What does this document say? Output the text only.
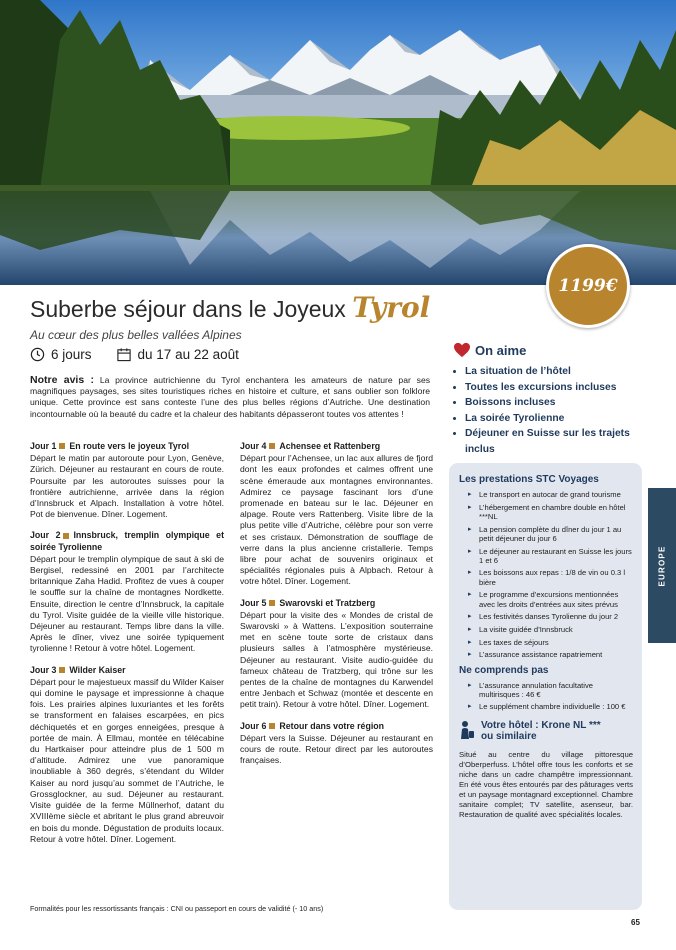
1199€
Suberbe séjour dans le Joyeux Tyrol
Au cœur des plus belles vallées Alpines
6 jours	du 17 au 22 août
Notre avis : La province autrichienne du Tyrol enchantera les amateurs de nature par ses magnifiques paysages, ses sites touristiques riches en histoire et culture, et sans oublier son folklore unique. Cette province est sans conteste l’une des plus belles régions d’Autriche. Une destination incontournable où la beauté du cadre et la chaleur des habitants dépasseront toutes vos attentes !
Jour 1 En route vers le joyeux Tyrol
Départ le matin par autoroute pour Lyon, Genève, Zürich. Déjeuner au restaurant en cours de route. Poursuite par les autoroutes suisses pour la frontière autrichienne, arrivée dans la région d’Innsbruck et Alpach. Installation à votre hôtel. Pot de bienvenue. Dîner. Logement.
Jour 2 Innsbruck, tremplin olympique et soirée Tyrolienne
Départ pour le tremplin olympique de saut à ski de Bergisel, redessiné en 2001 par l’architecte britannique Zaha Hadid. Profitez de vues à couper le souffle sur la chaîne de montagnes Nordkette. Ensuite, direction le centre d’Innsbruck, la capitale du Tyrol. Visite guidée de la vieille ville historique. Déjeuner au restaurant. Temps libre dans la ville. Après le dîner, vivez une soirée typiquement tyrolienne ! Retour à votre hôtel. Logement.
Jour 3 Wilder Kaiser
Départ pour le majestueux massif du Wilder Kaiser qui domine le paysage et impressionne à chaque fois. Les prairies alpines luxuriantes et les forêts se transforment en falaises escarpées, en pics déchiquetés et en gorges enneigées, presque à portée de main. À Ellmau, montée en télécabine du Hartkaiser pour atteindre plus de 1 500 m d’altitude. Admirez une vue panoramique inoubliable à 360 degrés, s’étendant du Wilder Kaiser au nord jusqu’au sommet de l’Autriche, le Grossglockner, au sud. Déjeuner au restaurant. Visite guidée de la ferme Müllnerhof, datant du XVIIIème siècle et abritant le plus grand abreuvoir en bois du monde. Dégustation de produits locaux. Retour à votre hôtel. Dîner. Logement.
Jour 4 Achensee et Rattenberg
Départ pour l’Achensee, un lac aux allures de fjord dont les eaux profondes et calmes offrent une scène émeraude aux montagnes environnantes. Admirez ce paysage fascinant lors d’une promenade en bateau sur le lac. Déjeuner en alpage. Route vers Rattenberg. Visite libre de la plus petite ville d’Autriche, célèbre pour son verre et ses cristaux. Démonstration de soufflage de verre dans la plus ancienne cristallerie. Temps libre pour achat de souvenirs originaux et spécialités régionales puis à Alpbach. Retour à votre hôtel. Dîner. Logement.
Jour 5 Swarovski et Tratzberg
Départ pour la visite des « Mondes de cristal de Swarovski » à Wattens. L’exposition souterraine met en scène toute sorte de cristaux dans plusieurs salles à l’atmosphère mystérieuse. Déjeuner au restaurant. Visite audio-guidée du fameux château de Tratzberg, qui trône sur les pentes de la chaîne de montagnes du Karwendel entre Jenbach et Schwaz (montée et descente en petit train). Retour à votre hôtel. Dîner. Logement.
Jour 6 Retour dans votre région
Départ vers la Suisse. Déjeuner au restaurant en cours de route. Retour direct par les autoroutes françaises.
Formalités pour les ressortissants français : CNI ou passeport en cours de validité (- 10 ans)
On aime
• La situation de l’hôtel
• Toutes les excursions incluses
• Boissons incluses
• La soirée Tyrolienne
• Déjeuner en Suisse sur les trajets inclus
Les prestations STC Voyages
▸ Le transport en autocar de grand tourisme
▸ L’hébergement en chambre double en hôtel ***NL
▸ La pension complète du dîner du jour 1 au petit déjeuner du jour 6
▸ Le déjeuner au restaurant en Suisse les jours 1 et 6
▸ Les boissons aux repas : 1/8 de vin ou 0.3 l bière
▸ Le programme d’excursions mentionnées avec les droits d’entrées aux sites prévus
▸ Les festivités danses Tyrolienne du jour 2
▸ La visite guidée d’Innsbruck
▸ Les taxes de séjours
▸ L’assurance assistance rapatriement
Ne comprends pas
▸ L’assurance annulation facultative multirisques : 46 €
▸ Le supplément chambre individuelle : 100 €
Votre hôtel : Krone NL ***
ou similaire
Situé au centre du village pittoresque d’Oberperfuss. L’hôtel offre tous les conforts et se niche dans un cadre champêtre impressionnant. En été vous êtes entourés par des pâturages verts et un paysage montagnard exceptionnel. Chambre sanitaire complet; TV satellite, asenseur, bar. Restauration de qualité avec spécialités locales.
EUROPE
65
